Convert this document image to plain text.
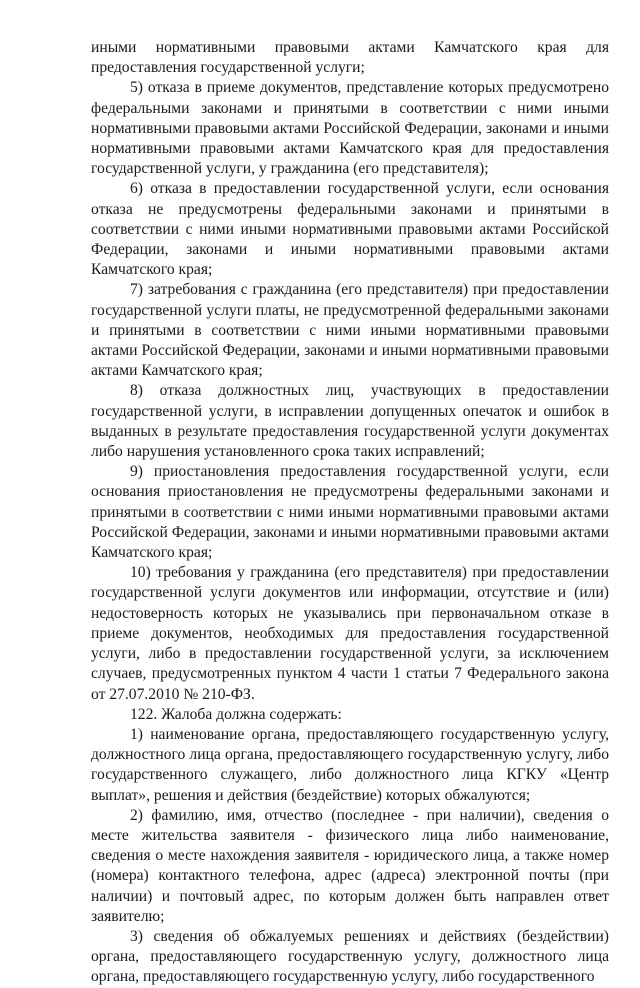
иными нормативными правовыми актами Камчатского края для предоставления государственной услуги;

5) отказа в приеме документов, представление которых предусмотрено федеральными законами и принятыми в соответствии с ними иными нормативными правовыми актами Российской Федерации, законами и иными нормативными правовыми актами Камчатского края для предоставления государственной услуги, у гражданина (его представителя);

6) отказа в предоставлении государственной услуги, если основания отказа не предусмотрены федеральными законами и принятыми в соответствии с ними иными нормативными правовыми актами Российской Федерации, законами и иными нормативными правовыми актами Камчатского края;

7) затребования с гражданина (его представителя) при предоставлении государственной услуги платы, не предусмотренной федеральными законами и принятыми в соответствии с ними иными нормативными правовыми актами Российской Федерации, законами и иными нормативными правовыми актами Камчатского края;

8) отказа должностных лиц, участвующих в предоставлении государственной услуги, в исправлении допущенных опечаток и ошибок в выданных в результате предоставления государственной услуги документах либо нарушения установленного срока таких исправлений;

9) приостановления предоставления государственной услуги, если основания приостановления не предусмотрены федеральными законами и принятыми в соответствии с ними иными нормативными правовыми актами Российской Федерации, законами и иными нормативными правовыми актами Камчатского края;

10) требования у гражданина (его представителя) при предоставлении государственной услуги документов или информации, отсутствие и (или) недостоверность которых не указывались при первоначальном отказе в приеме документов, необходимых для предоставления государственной услуги, либо в предоставлении государственной услуги, за исключением случаев, предусмотренных пунктом 4 части 1 статьи 7 Федерального закона от 27.07.2010 № 210-ФЗ.

122. Жалоба должна содержать:

1) наименование органа, предоставляющего государственную услугу, должностного лица органа, предоставляющего государственную услугу, либо государственного служащего, либо должностного лица КГКУ «Центр выплат», решения и действия (бездействие) которых обжалуются;

2) фамилию, имя, отчество (последнее - при наличии), сведения о месте жительства заявителя - физического лица либо наименование, сведения о месте нахождения заявителя - юридического лица, а также номер (номера) контактного телефона, адрес (адреса) электронной почты (при наличии) и почтовый адрес, по которым должен быть направлен ответ заявителю;

3) сведения об обжалуемых решениях и действиях (бездействии) органа, предоставляющего государственную услугу, должностного лица органа, предоставляющего государственную услугу, либо государственного
